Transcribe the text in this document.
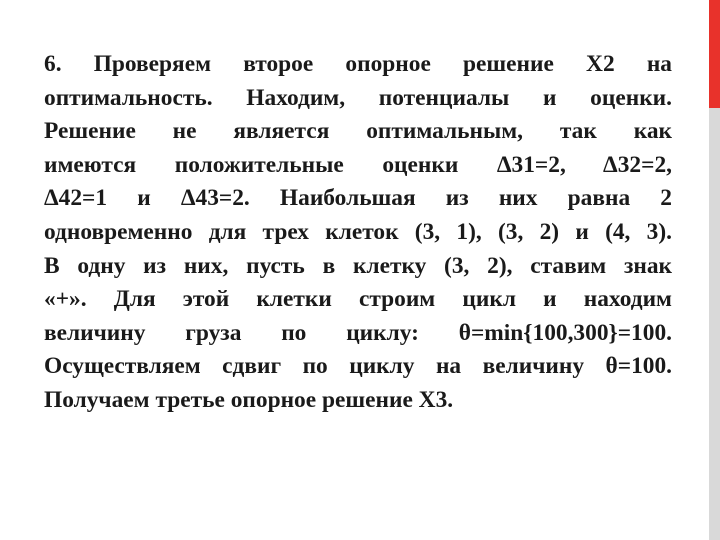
6. Проверяем второе опорное решение X2 на
оптимальность. Находим, потенциалы и оценки.
Решение не является оптимальным, так как
имеются положительные оценки Δ31=2, Δ32=2,
Δ42=1 и Δ43=2. Наибольшая из них равна 2
одновременно для трех клеток (3, 1), (3, 2) и (4, 3).
В одну из них, пусть в клетку (3, 2), ставим знак
«+». Для этой клетки строим цикл и находим
величину груза по циклу: θ=min{100,300}=100.
Осуществляем сдвиг по циклу на величину θ=100.
Получаем третье опорное решение X3.
